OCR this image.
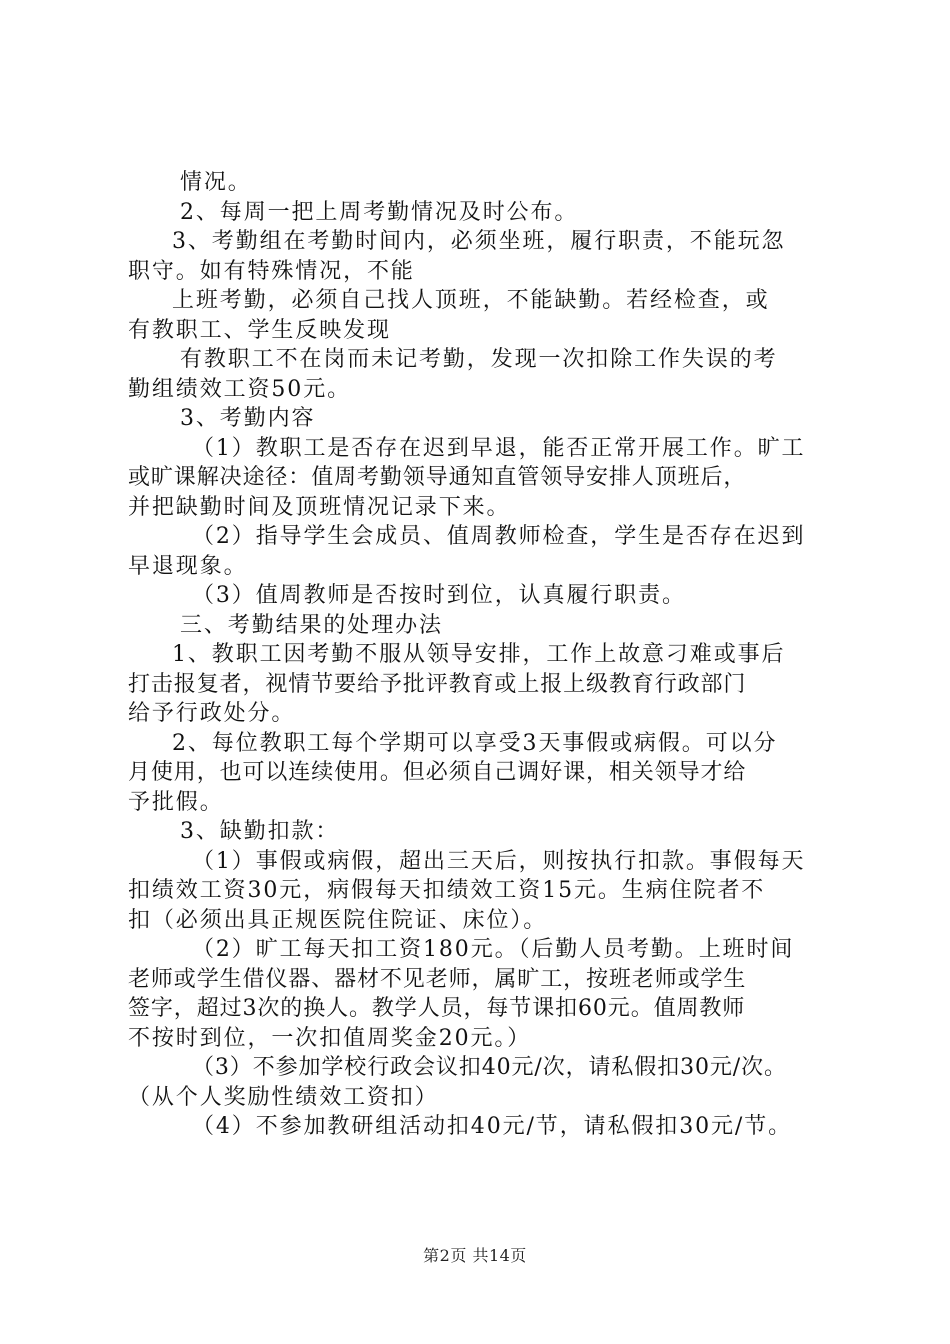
情况。
2、每周一把上周考勤情况及时公布。
3、考勤组在考勤时间内，必须坐班，履行职责，不能玩忽
职守。如有特殊情况，不能
上班考勤，必须自己找人顶班，不能缺勤。若经检查，或
有教职工、学生反映发现
有教职工不在岗而未记考勤，发现一次扣除工作失误的考
勤组绩效工资50元。
3、考勤内容
（1）教职工是否存在迟到早退，能否正常开展工作。旷工
或旷课解决途径：值周考勤领导通知直管领导安排人顶班后，
并把缺勤时间及顶班情况记录下来。
（2）指导学生会成员、值周教师检查，学生是否存在迟到
早退现象。
（3）值周教师是否按时到位，认真履行职责。
三、考勤结果的处理办法
1、教职工因考勤不服从领导安排，工作上故意刁难或事后
打击报复者，视情节要给予批评教育或上报上级教育行政部门
给予行政处分。
2、每位教职工每个学期可以享受3天事假或病假。可以分
月使用，也可以连续使用。但必须自己调好课，相关领导才给
予批假。
3、缺勤扣款：
（1）事假或病假，超出三天后，则按执行扣款。事假每天
扣绩效工资30元，病假每天扣绩效工资15元。生病住院者不
扣（必须出具正规医院住院证、床位）。
（2）旷工每天扣工资180元。（后勤人员考勤。上班时间
老师或学生借仪器、器材不见老师，属旷工，按班老师或学生
签字，超过3次的换人。教学人员，每节课扣60元。值周教师
不按时到位，一次扣值周奖金20元。）
（3）不参加学校行政会议扣40元/次，请私假扣30元/次。
（从个人奖励性绩效工资扣）
（4）不参加教研组活动扣40元/节，请私假扣30元/节。
第2页 共14页
